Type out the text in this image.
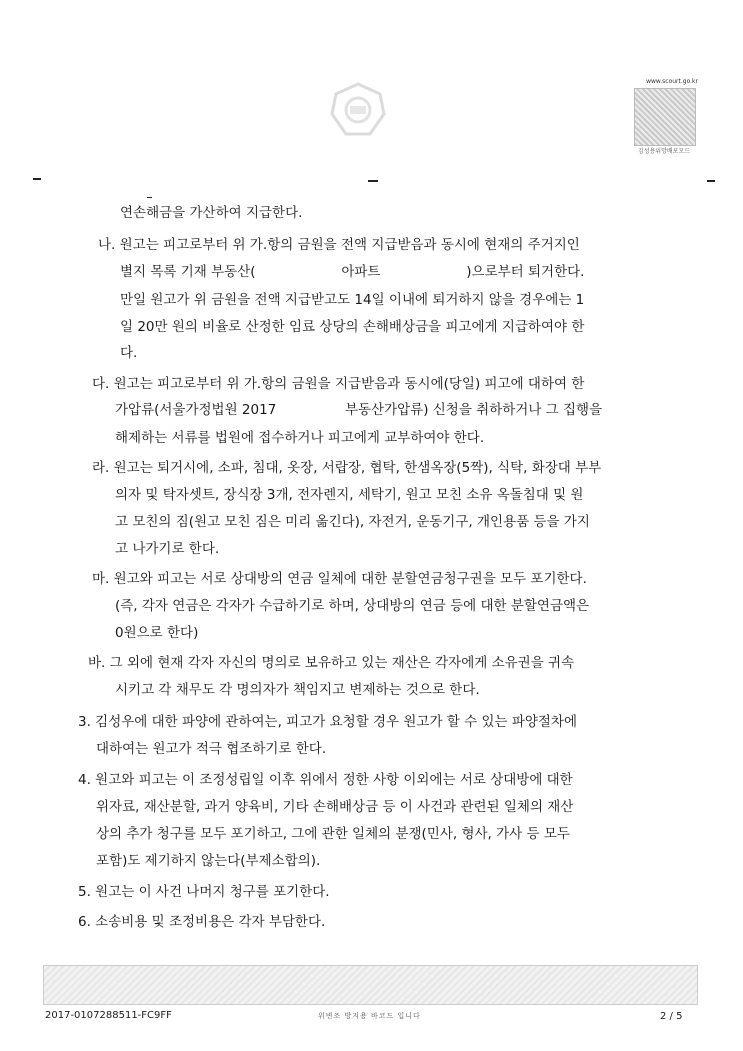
www.scourt.go.kr
김성용위망배포모드
연손해금을 가산하여 지급한다.
나. 원고는 피고로부터 위 가.항의 금원을 전액 지급받음과 동시에 현재의 주거지인
별지 목록 기재 부동산(                    아파트                    )으로부터 퇴거한다.
만일 원고가 위 금원을 전액 지급받고도 14일 이내에 퇴거하지 않을 경우에는 1
일 20만 원의 비율로 산정한 임료 상당의 손해배상금을 피고에게 지급하여야 한
다.
다. 원고는 피고로부터 위 가.항의 금원을 지급받음과 동시에(당일) 피고에 대하여 한
가압류(서울가정법원 2017                부동산가압류) 신청을 취하하거나 그 집행을
해제하는 서류를 법원에 접수하거나 피고에게 교부하여야 한다.
라. 원고는 퇴거시에, 소파, 침대, 옷장, 서랍장, 협탁, 한샘옥장(5짝), 식탁, 화장대 부부
의자 및 탁자셋트, 장식장 3개, 전자렌지, 세탁기, 원고 모친 소유 옥돌침대 및 원
고 모친의 짐(원고 모친 짐은 미리 옮긴다), 자전거, 운동기구, 개인용품 등을 가지
고 나가기로 한다.
마. 원고와 피고는 서로 상대방의 연금 일체에 대한 분할연금청구권을 모두 포기한다.
(즉, 각자 연금은 각자가 수급하기로 하며, 상대방의 연금 등에 대한 분할연금액은
0원으로 한다)
바. 그 외에 현재 각자 자신의 명의로 보유하고 있는 재산은 각자에게 소유권을 귀속
시키고 각 채무도 각 명의자가 책임지고 변제하는 것으로 한다.
3. 김성우에 대한 파양에 관하여는, 피고가 요청할 경우 원고가 할 수 있는 파양절차에
대하여는 원고가 적극 협조하기로 한다.
4. 원고와 피고는 이 조정성립일 이후 위에서 정한 사항 이외에는 서로 상대방에 대한
위자료, 재산분할, 과거 양육비, 기타 손해배상금 등 이 사건과 관련된 일체의 재산
상의 추가 청구를 모두 포기하고, 그에 관한 일체의 분쟁(민사, 형사, 가사 등 모두
포함)도 제기하지 않는다(부제소합의).
5. 원고는 이 사건 나머지 청구를 포기한다.
6. 소송비용 및 조정비용은 각자 부담한다.
2017-0107288511-FC9FF	위변조 방지용 바코드 입니다	2 / 5
